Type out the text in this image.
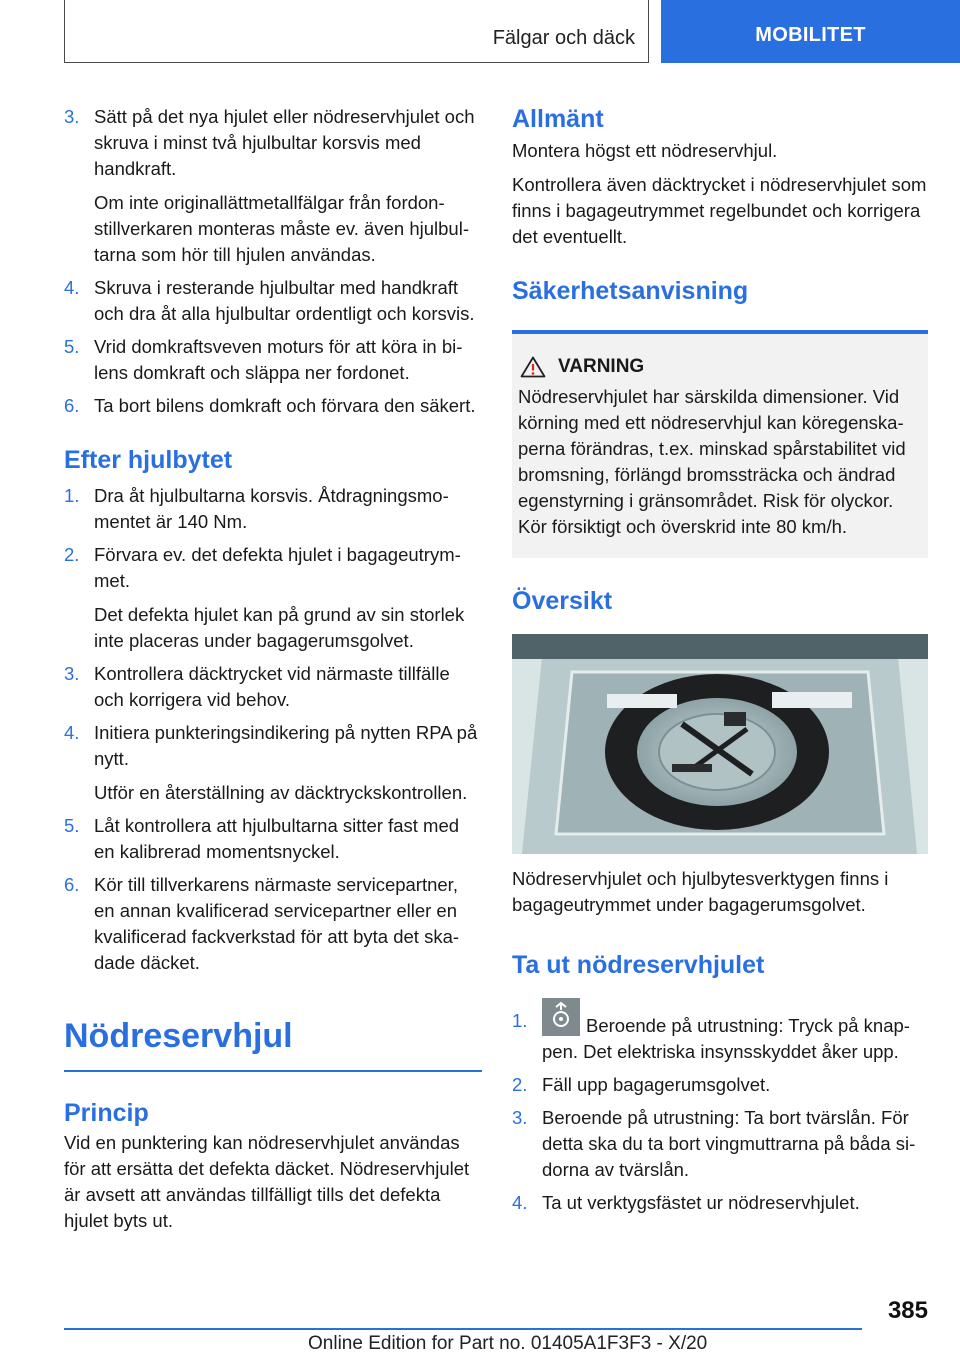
Fälgar och däck	MOBILITET
3. Sätt på det nya hjulet eller nödreservhjulet och skruva i minst två hjulbultar korsvis med handkraft.

Om inte originallättmetallfälgar från fordonstillverkaren monteras måste ev. även hjulbultarna som hör till hjulen användas.

4. Skruva i resterande hjulbultar med handkraft och dra åt alla hjulbultar ordentligt och korsvis.

5. Vrid domkraftsveven moturs för att köra in bilens domkraft och släppa ner fordonet.

6. Ta bort bilens domkraft och förvara den säkert.

Efter hjulbytet
1. Dra åt hjulbultarna korsvis. Åtdragningsmomentet är 140 Nm.

2. Förvara ev. det defekta hjulet i bagageutrymmet.

Det defekta hjulet kan på grund av sin storlek inte placeras under bagagerumsgolvet.

3. Kontrollera däcktrycket vid närmaste tillfälle och korrigera vid behov.

4. Initiera punkteringsindikering på nytten RPA på nytt.

Utför en återställning av däcktryckskontrollen.

5. Låt kontrollera att hjulbultarna sitter fast med en kalibrerad momentsnyckel.

6. Kör till tillverkarens närmaste servicepartner, en annan kvalificerad servicepartner eller en kvalificerad fackverkstad för att byta det skadade däcket.

Nödreservhjul
Princip

Vid en punktering kan nödreservhjulet användas för att ersätta det defekta däcket. Nödreservhjulet är avsett att användas tillfälligt tills det defekta hjulet byts ut.

Allmänt

Montera högst ett nödreservhjul.

Kontrollera även däcktrycket i nödreservhjulet som finns i bagageutrymmet regelbundet och korrigera det eventuellt.

Säkerhetsanvisning
VARNING

Nödreservhjulet har särskilda dimensioner. Vid körning med ett nödreservhjul kan köregenskaperna förändras, t.ex. minskad spårstabilitet vid bromsning, förlängd bromssträcka och ändrad egenstyrning i gränsområdet. Risk för olyckor. Kör försiktigt och överskrid inte 80 km/h.

Översikt

Nödreservhjulet och hjulbytesverktygen finns i bagageutrymmet under bagagerumsgolvet.

Ta ut nödreservhjulet
1.	Beroende på utrustning: Tryck på knappen. Det elektriska insynsskyddet åker upp.

2. Fäll upp bagagerumsgolvet.

3. Beroende på utrustning: Ta bort tvärslån. För detta ska du ta bort vingmuttrarna på båda sidorna av tvärslån.

4. Ta ut verktygsfästet ur nödreservhjulet.

385
Online Edition for Part no. 01405A1F3F3 - X/20
